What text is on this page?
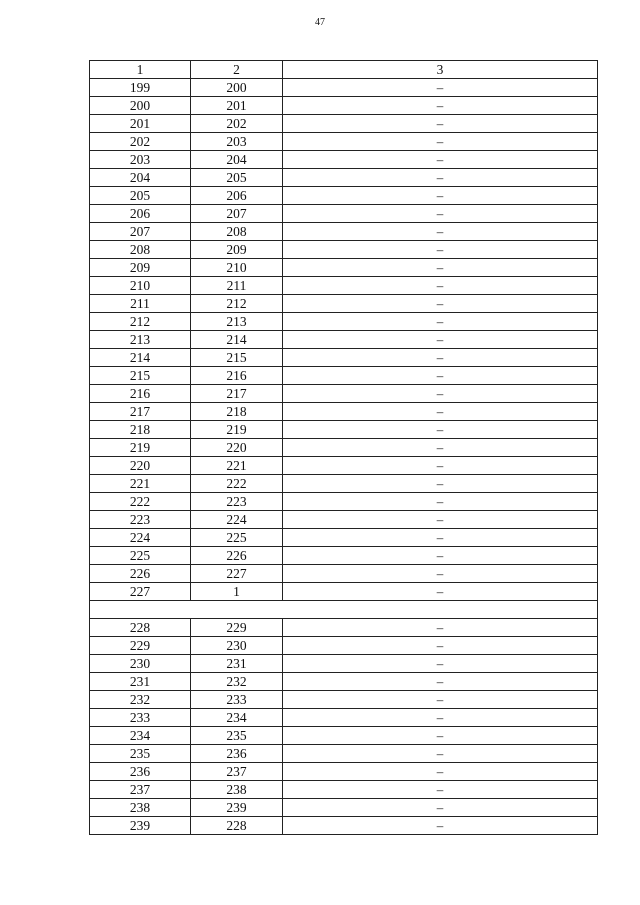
47
1	2	3
199	200	–
200	201	–
201	202	–
202	203	–
203	204	–
204	205	–
205	206	–
206	207	–
207	208	–
208	209	–
209	210	–
210	211	–
211	212	–
212	213	–
213	214	–
214	215	–
215	216	–
216	217	–
217	218	–
218	219	–
219	220	–
220	221	–
221	222	–
222	223	–
223	224	–
224	225	–
225	226	–
226	227	–
227	1	–

228	229	–
229	230	–
230	231	–
231	232	–
232	233	–
233	234	–
234	235	–
235	236	–
236	237	–
237	238	–
238	239	–
239	228	–
